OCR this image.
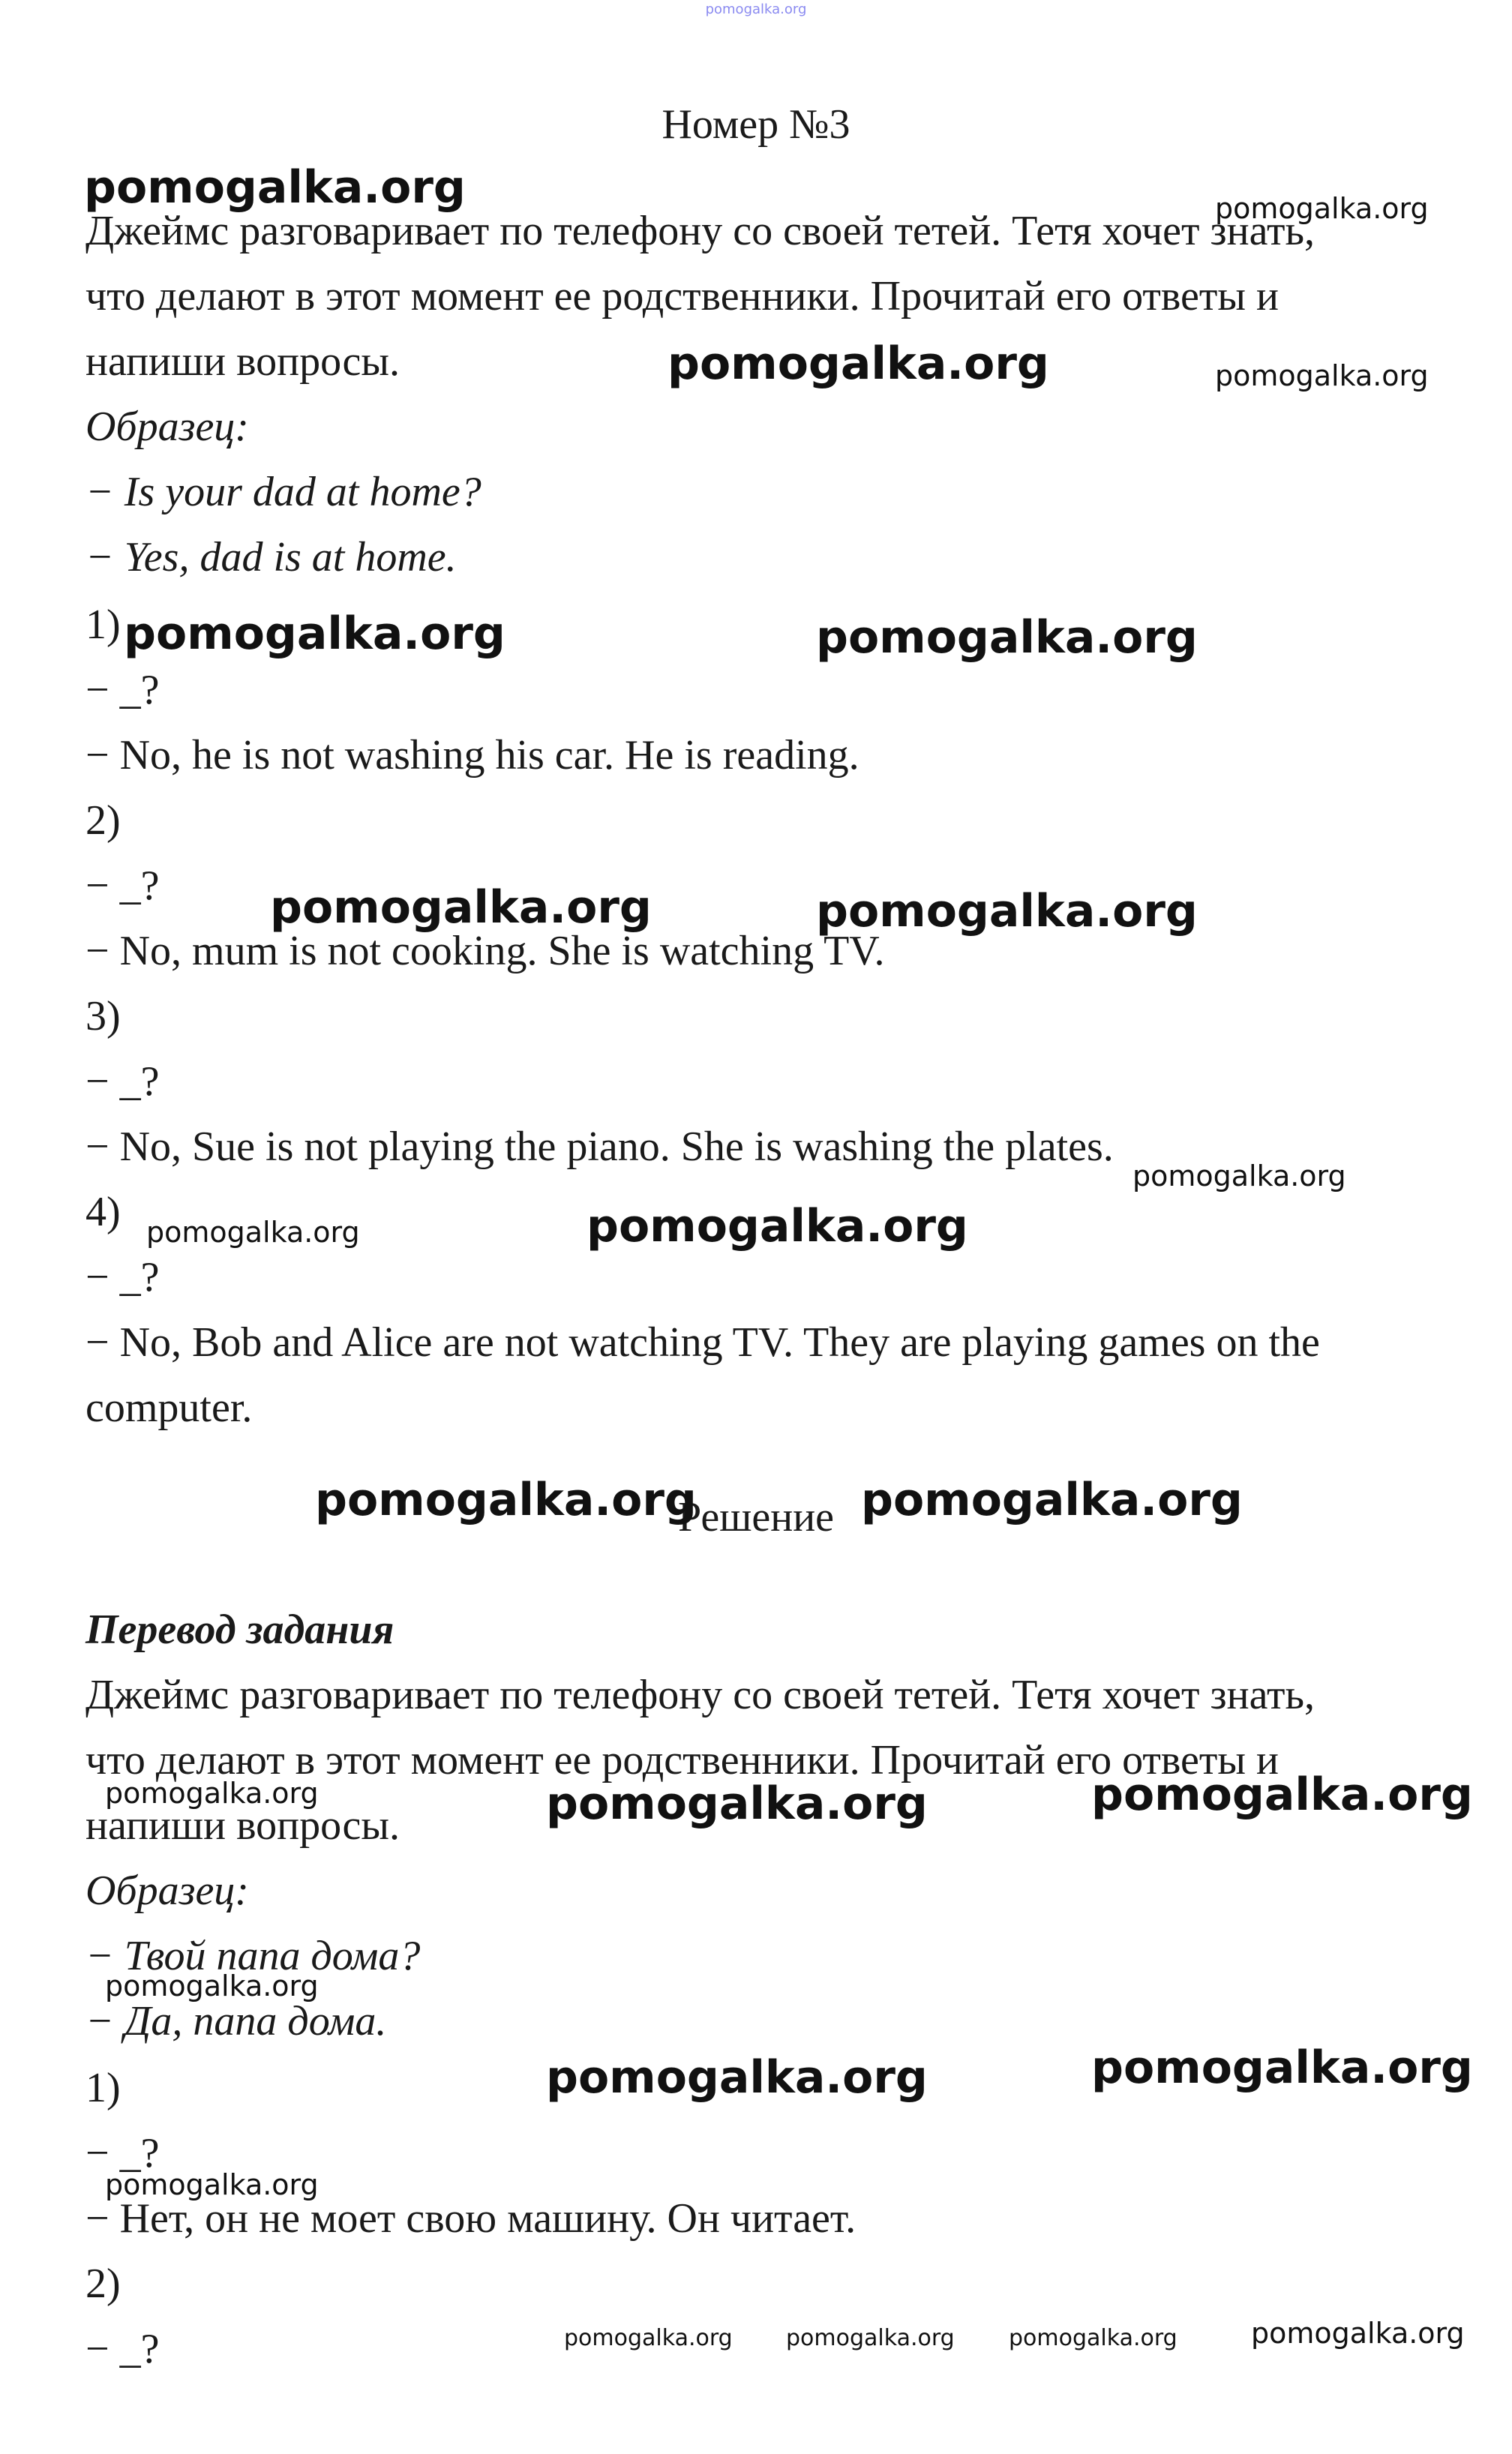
pomogalka.org
Номер №3
Джеймс разговаривает по телефону со своей тетей. Тетя хочет знать,
что делают в этот момент ее родственники. Прочитай его ответы и
напиши вопросы.
Образец:
− Is your dad at home?
− Yes, dad is at home.
1)
− _?
− No, he is not washing his car. He is reading.
2)
− _?
− No, mum is not cooking. She is watching TV.
3)
− _?
− No, Sue is not playing the piano. She is washing the plates.
4)
− _?
− No, Bob and Alice are not watching TV. They are playing games on the
computer.
Решение
Перевод задания
Джеймс разговаривает по телефону со своей тетей. Тетя хочет знать,
что делают в этот момент ее родственники. Прочитай его ответы и
напиши вопросы.
Образец:
− Твой папа дома?
− Да, папа дома.
1)
− _?
− Нет, он не моет свою машину. Он читает.
2)
− _?
pomogalka.org	pomogalka.org
pomogalka.org	pomogalka.org
pomogalka.org	pomogalka.org
pomogalka.org	pomogalka.org
pomogalka.org
pomogalka.org	pomogalka.org
pomogalka.org	pomogalka.org
pomogalka.org	pomogalka.org	pomogalka.org
pomogalka.org
pomogalka.org	pomogalka.org
pomogalka.org
pomogalka.org pomogalka.org pomogalka.org	pomogalka.org
